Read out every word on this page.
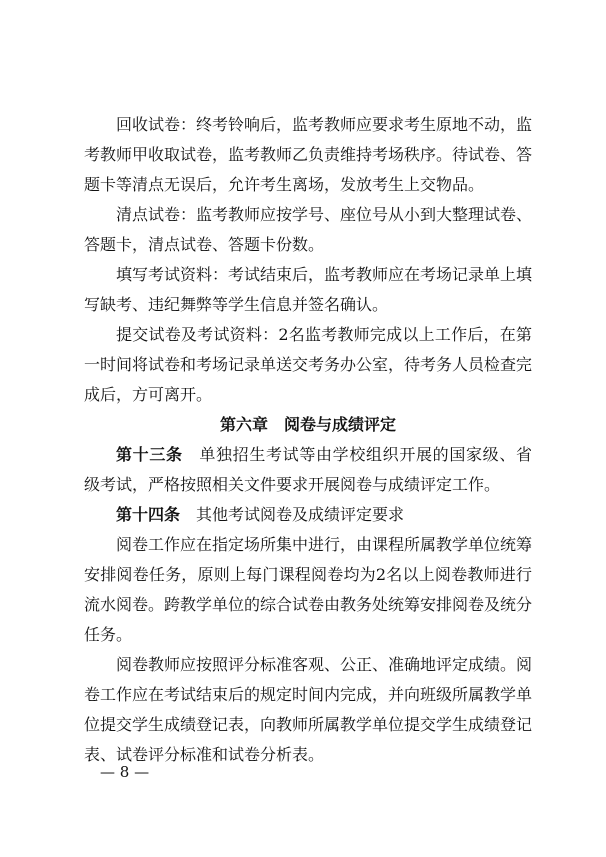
回收试卷：终考铃响后，监考教师应要求考生原地不动，监考教师甲收取试卷，监考教师乙负责维持考场秩序。待试卷、答题卡等清点无误后，允许考生离场，发放考生上交物品。

清点试卷：监考教师应按学号、座位号从小到大整理试卷、答题卡，清点试卷、答题卡份数。

填写考试资料：考试结束后，监考教师应在考场记录单上填写缺考、违纪舞弊等学生信息并签名确认。

提交试卷及考试资料：2名监考教师完成以上工作后，在第一时间将试卷和考场记录单送交考务办公室，待考务人员检查完成后，方可离开。

第六章　阅卷与成绩评定

第十三条　单独招生考试等由学校组织开展的国家级、省级考试，严格按照相关文件要求开展阅卷与成绩评定工作。

第十四条　其他考试阅卷及成绩评定要求

阅卷工作应在指定场所集中进行，由课程所属教学单位统筹安排阅卷任务，原则上每门课程阅卷均为2名以上阅卷教师进行流水阅卷。跨教学单位的综合试卷由教务处统筹安排阅卷及统分任务。

阅卷教师应按照评分标准客观、公正、准确地评定成绩。阅卷工作应在考试结束后的规定时间内完成，并向班级所属教学单位提交学生成绩登记表，向教师所属教学单位提交学生成绩登记表、试卷评分标准和试卷分析表。

— 8 —
